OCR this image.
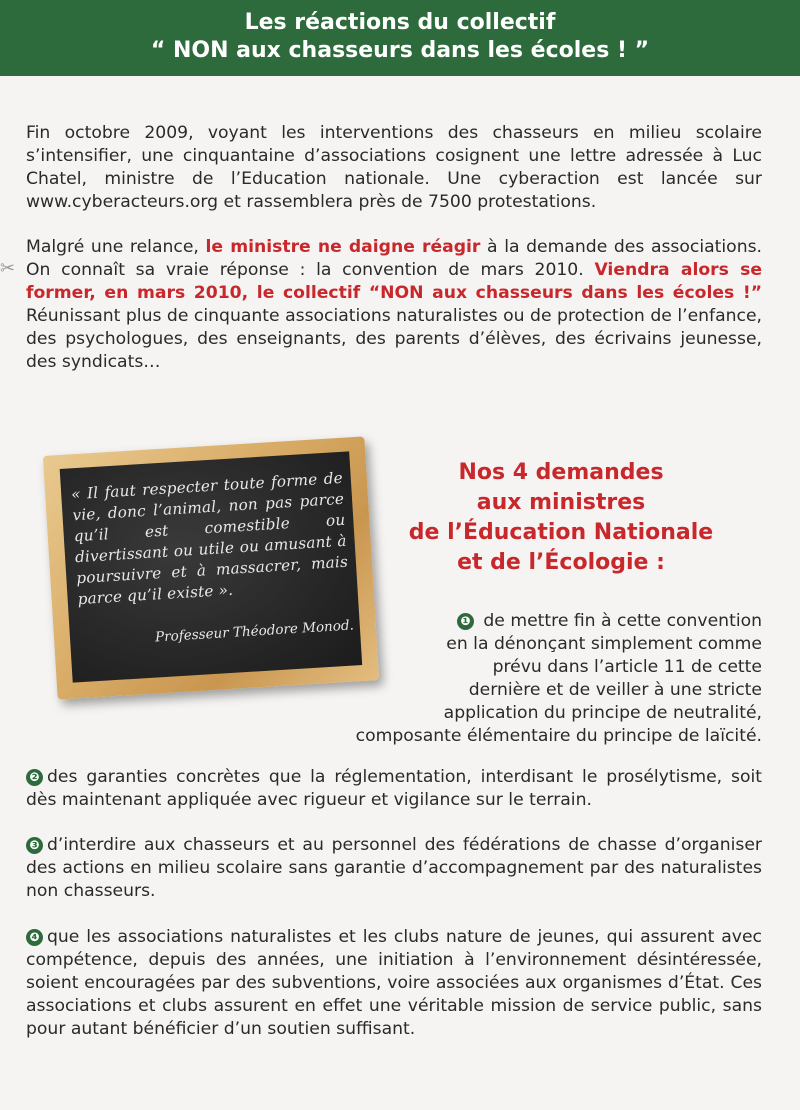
Les réactions du collectif
“ NON aux chasseurs dans les écoles ! ”
Fin octobre 2009, voyant les interventions des chasseurs en milieu scolaire s’intensifier, une cinquantaine d’associations cosignent une lettre adressée à Luc Chatel, ministre de l’Education nationale. Une cyberaction est lancée sur www.cyberacteurs.org et rassemblera près de 7500 protestations.
✂
Malgré une relance, le ministre ne daigne réagir à la demande des associations. On connaît sa vraie réponse : la convention de mars 2010. Viendra alors se former, en mars 2010, le collectif “NON aux chasseurs dans les écoles !” Réunissant plus de cinquante associations naturalistes ou de protection de l’enfance, des psychologues, des enseignants, des parents d’élèves, des écrivains jeunesse, des syndicats…
« Il faut respecter toute forme de vie, donc l’animal, non pas parce qu’il est comestible ou divertissant ou utile ou amusant à poursuivre et à massacrer, mais parce qu’il existe ».
Professeur Théodore Monod.
Nos 4 demandes
aux ministres
de l’Éducation Nationale
et de l’Écologie :
❶ de mettre fin à cette convention
en la dénonçant simplement comme
prévu dans l’article 11 de cette
dernière et de veiller à une stricte
application du principe de neutralité,
composante élémentaire du principe de laïcité.
❷ des garanties concrètes que la réglementation, interdisant le prosélytisme, soit dès maintenant appliquée avec rigueur et vigilance sur le terrain.
❸ d’interdire aux chasseurs et au personnel des fédérations de chasse d’organiser des actions en milieu scolaire sans garantie d’accompagnement par des naturalistes non chasseurs.
❹ que les associations naturalistes et les clubs nature de jeunes, qui assurent avec compétence, depuis des années, une initiation à l’environnement désintéressée, soient encouragées par des subventions, voire associées aux organismes d’État. Ces associations et clubs assurent en effet une véritable mission de service public, sans pour autant bénéficier d’un soutien suffisant.
